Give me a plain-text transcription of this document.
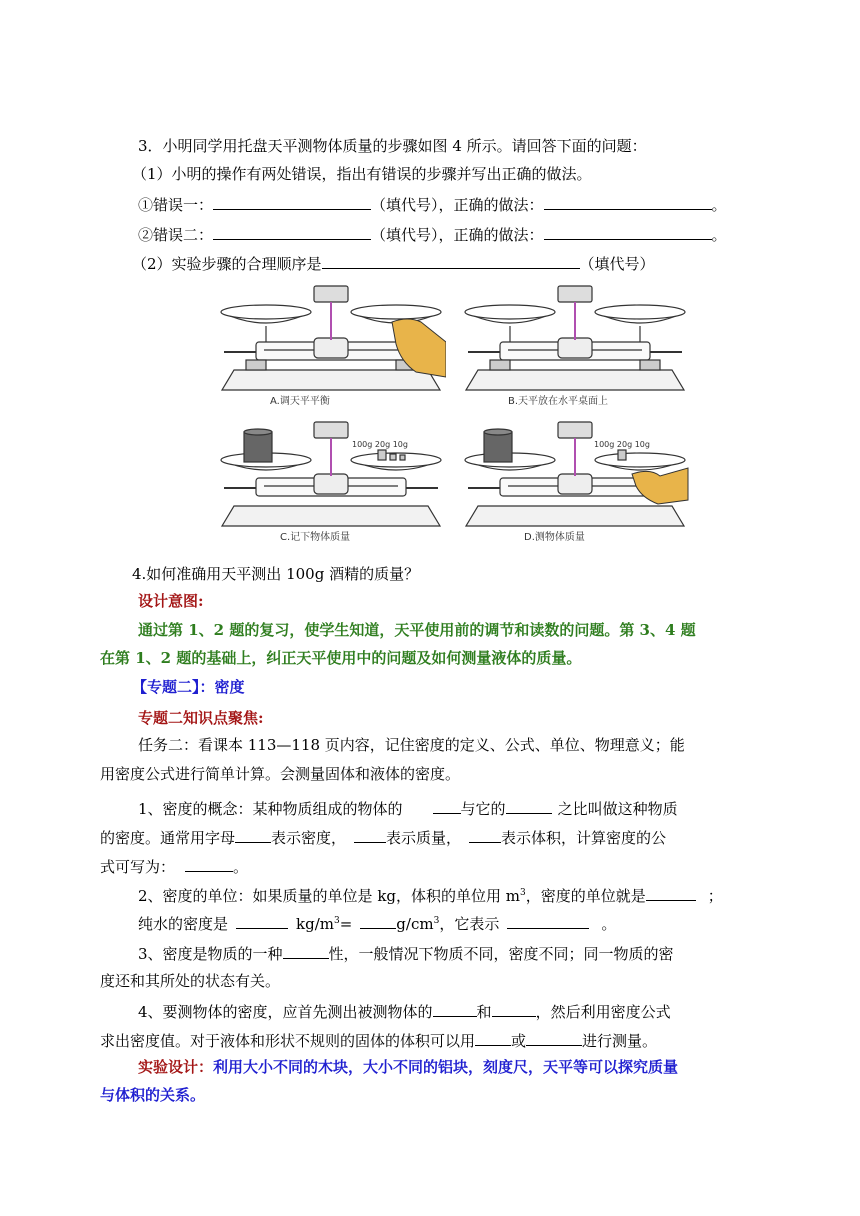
3．小明同学用托盘天平测物体质量的步骤如图 4 所示。请回答下面的问题：
（1）小明的操作有两处错误，指出有错误的步骤并写出正确的做法。
①错误一：	（填代号），正确的做法：	。
②错误二：	（填代号），正确的做法：	。
（2）实验步骤的合理顺序是	（填代号）
A.调天平平衡	B.天平放在水平桌面上
100g 20g 10g
C.记下物体质量
100g 20g 10g
D.测物体质量
4.如何准确用天平测出 100g 酒精的质量？
设计意图:
通过第 1、2 题的复习，使学生知道，天平使用前的调节和读数的问题。第 3、4 题
在第 1、2 题的基础上，纠正天平使用中的问题及如何测量液体的质量。
【专题二】：密度
专题二知识点聚焦:
任务二：看课本 113—118 页内容，记住密度的定义、公式、单位、物理意义；能
用密度公式进行简单计算。会测量固体和液体的密度。
1、密度的概念：某种物质组成的物体的	与它的	之比叫做这种物质
的密度。通常用字母 表示密度，	表示质量，	表示体积，计算密度的公
式可写为：	。
2、密度的单位：如果质量的单位是 kg，体积的单位用 $m^3$，密度的单位就是	；
纯水的密度是	$kg/m^3=$	$g/cm^3$，它表示	。
3、密度是物质的一种	性，一般情况下物质不同，密度不同；同一物质的密
度还和其所处的状态有关。
4、要测物体的密度，应首先测出被测物体的	和	，然后利用密度公式
求出密度值。对于液体和形状不规则的固体的体积可以用 或	进行测量。
实验设计：利用大小不同的木块，大小不同的铝块，刻度尺，天平等可以探究质量
与体积的关系。
